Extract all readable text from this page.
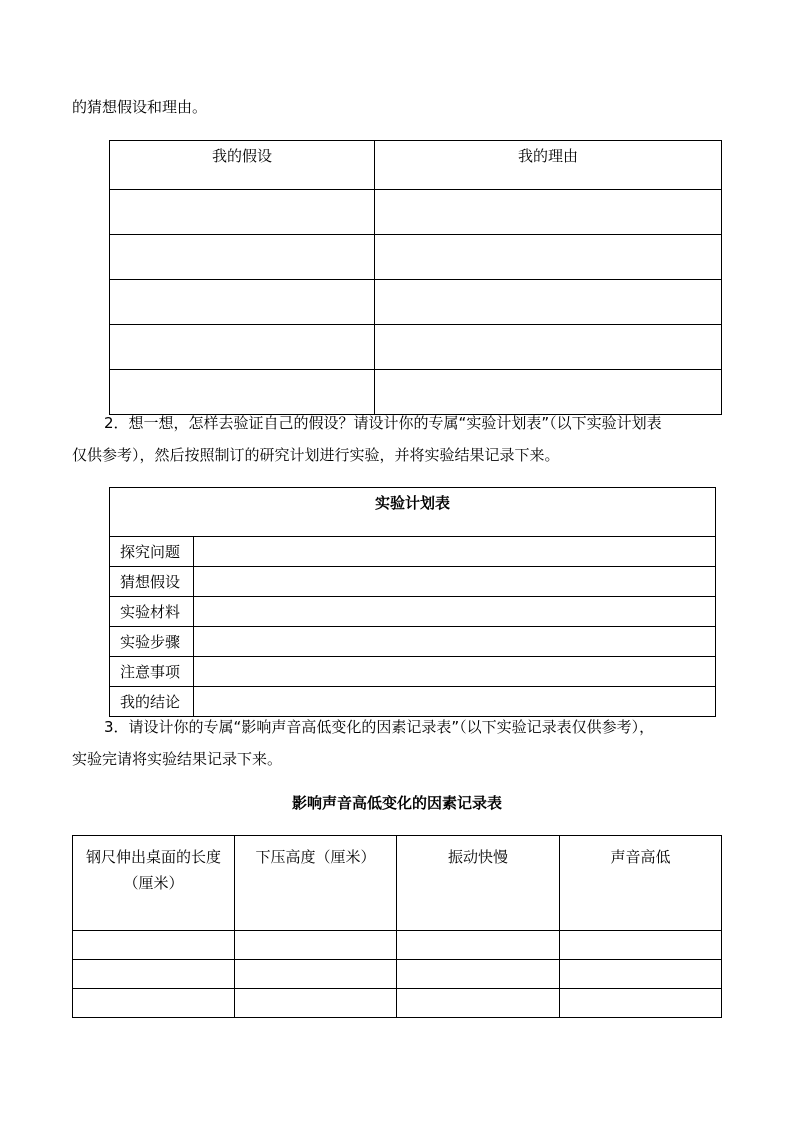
的猜想假设和理由。
我的假设	我的理由

2．想一想，怎样去验证自己的假设？请设计你的专属“实验计划表”（以下实验计划表
仅供参考），然后按照制订的研究计划进行实验，并将实验结果记录下来。
实验计划表	
探究问题	
猜想假设	
实验材料	
实验步骤	
注意事项	
我的结论	
3．请设计你的专属“影响声音高低变化的因素记录表”（以下实验记录表仅供参考），
实验完请将实验结果记录下来。
影响声音高低变化的因素记录表
钢尺伸出桌面的长度
（厘米）	下压高度（厘米）	振动快慢	声音高低
